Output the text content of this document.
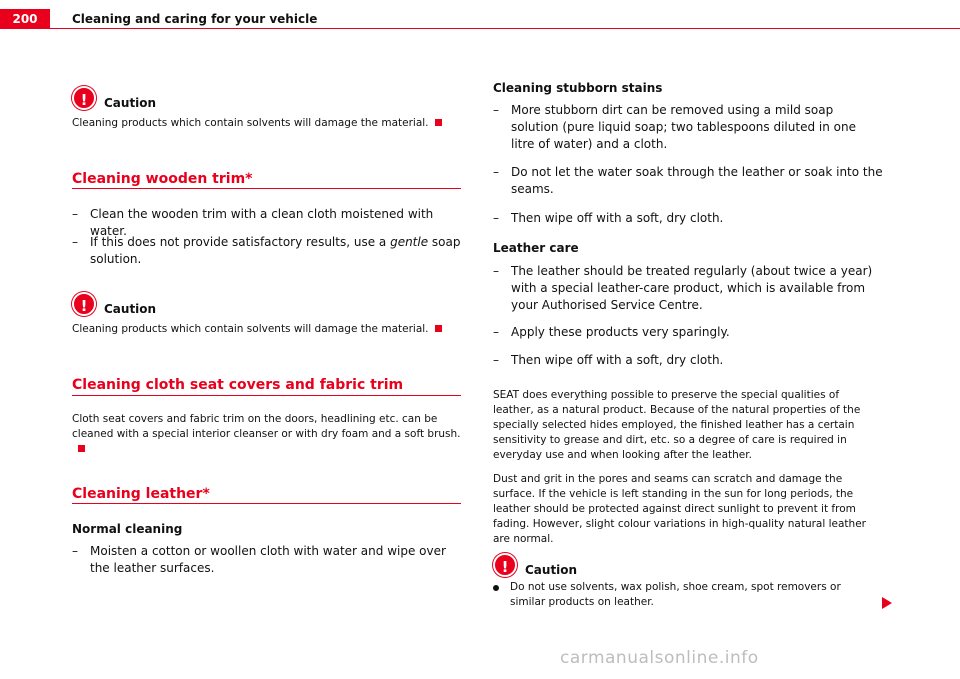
200	Cleaning and caring for your vehicle
!	Caution
Cleaning products which contain solvents will damage the material.
Cleaning wooden trim*
– Clean the wooden trim with a clean cloth moistened with water.
– If this does not provide satisfactory results, use a gentle soap solution.
!	Caution
Cleaning products which contain solvents will damage the material.
Cleaning cloth seat covers and fabric trim
Cloth seat covers and fabric trim on the doors, headlining etc. can be cleaned with a special interior cleanser or with dry foam and a soft brush.
Cleaning leather*
Normal cleaning
– Moisten a cotton or woollen cloth with water and wipe over the leather surfaces.
Cleaning stubborn stains
– More stubborn dirt can be removed using a mild soap solution (pure liquid soap; two tablespoons diluted in one litre of water) and a cloth.
– Do not let the water soak through the leather or soak into the seams.
– Then wipe off with a soft, dry cloth.
Leather care
– The leather should be treated regularly (about twice a year) with a special leather-care product, which is available from your Authorised Service Centre.
– Apply these products very sparingly.
– Then wipe off with a soft, dry cloth.
SEAT does everything possible to preserve the special qualities of leather, as a natural product. Because of the natural properties of the specially selected hides employed, the finished leather has a certain sensitivity to grease and dirt, etc. so a degree of care is required in everyday use and when looking after the leather.
Dust and grit in the pores and seams can scratch and damage the surface. If the vehicle is left standing in the sun for long periods, the leather should be protected against direct sunlight to prevent it from fading. However, slight colour variations in high-quality natural leather are normal.
!	Caution
Do not use solvents, wax polish, shoe cream, spot removers or similar products on leather.
carmanualsonline.info
